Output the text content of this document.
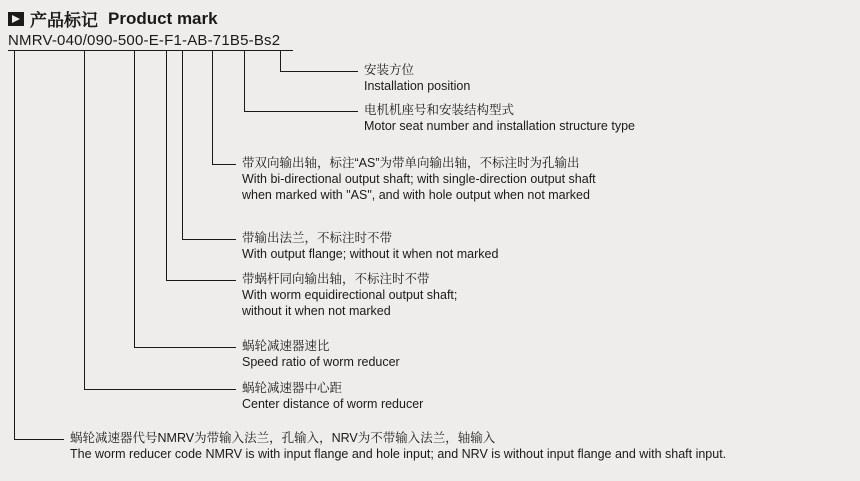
产品标记 Product mark
NMRV-040/090-500-E-F1-AB-71B5-Bs2
安装方位
Installation position
电机机座号和安装结构型式
Motor seat number and installation structure type
带双向输出轴，标注“AS”为带单向输出轴，不标注时为孔输出
With bi-directional output shaft; with single-direction output shaft
when marked with "AS", and with hole output when not marked
带输出法兰，不标注时不带
With output flange; without it when not marked
带蜗杆同向输出轴，不标注时不带
With worm equidirectional output shaft;
without it when not marked
蜗轮减速器速比
Speed ratio of worm reducer
蜗轮减速器中心距
Center distance of worm reducer
蜗轮减速器代号NMRV为带输入法兰，孔输入，NRV为不带输入法兰，轴输入
The worm reducer code NMRV is with input flange and hole input; and NRV is without input flange and with shaft input.
